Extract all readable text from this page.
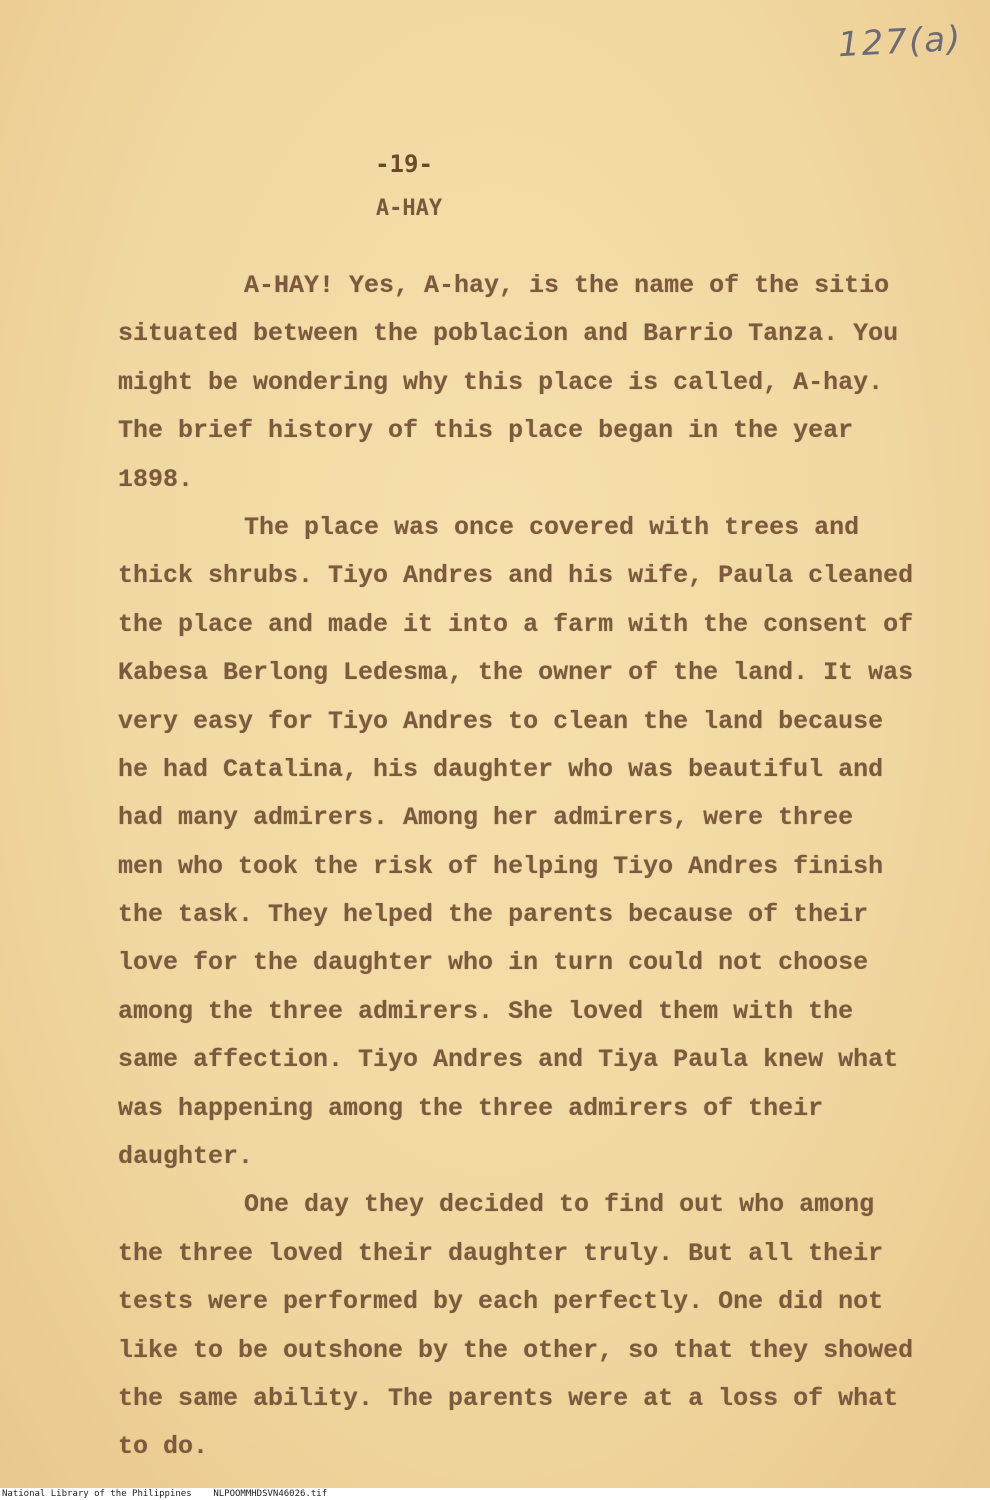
127(a)
-19-
A-HAY
A-HAY! Yes, A-hay, is the name of the sitio
situated between the poblacion and Barrio Tanza. You
might be wondering why this place is called, A-hay.
The brief history of this place began in the year
1898.
The place was once covered with trees and
thick shrubs. Tiyo Andres and his wife, Paula cleaned
the place and made it into a farm with the consent of
Kabesa Berlong Ledesma, the owner of the land. It was
very easy for Tiyo Andres to clean the land because
he had Catalina, his daughter who was beautiful and
had many admirers. Among her admirers, were three
men who took the risk of helping Tiyo Andres finish
the task. They helped the parents because of their
love for the daughter who in turn could not choose
among the three admirers. She loved them with the
same affection. Tiyo Andres and Tiya Paula knew what
was happening among the three admirers of their
daughter.
One day they decided to find out who among
the three loved their daughter truly. But all their
tests were performed by each perfectly. One did not
like to be outshone by the other, so that they showed
the same ability. The parents were at a loss of what
to do.
National Library of the Philippines    NLPOOMMHDSVN46026.tif
